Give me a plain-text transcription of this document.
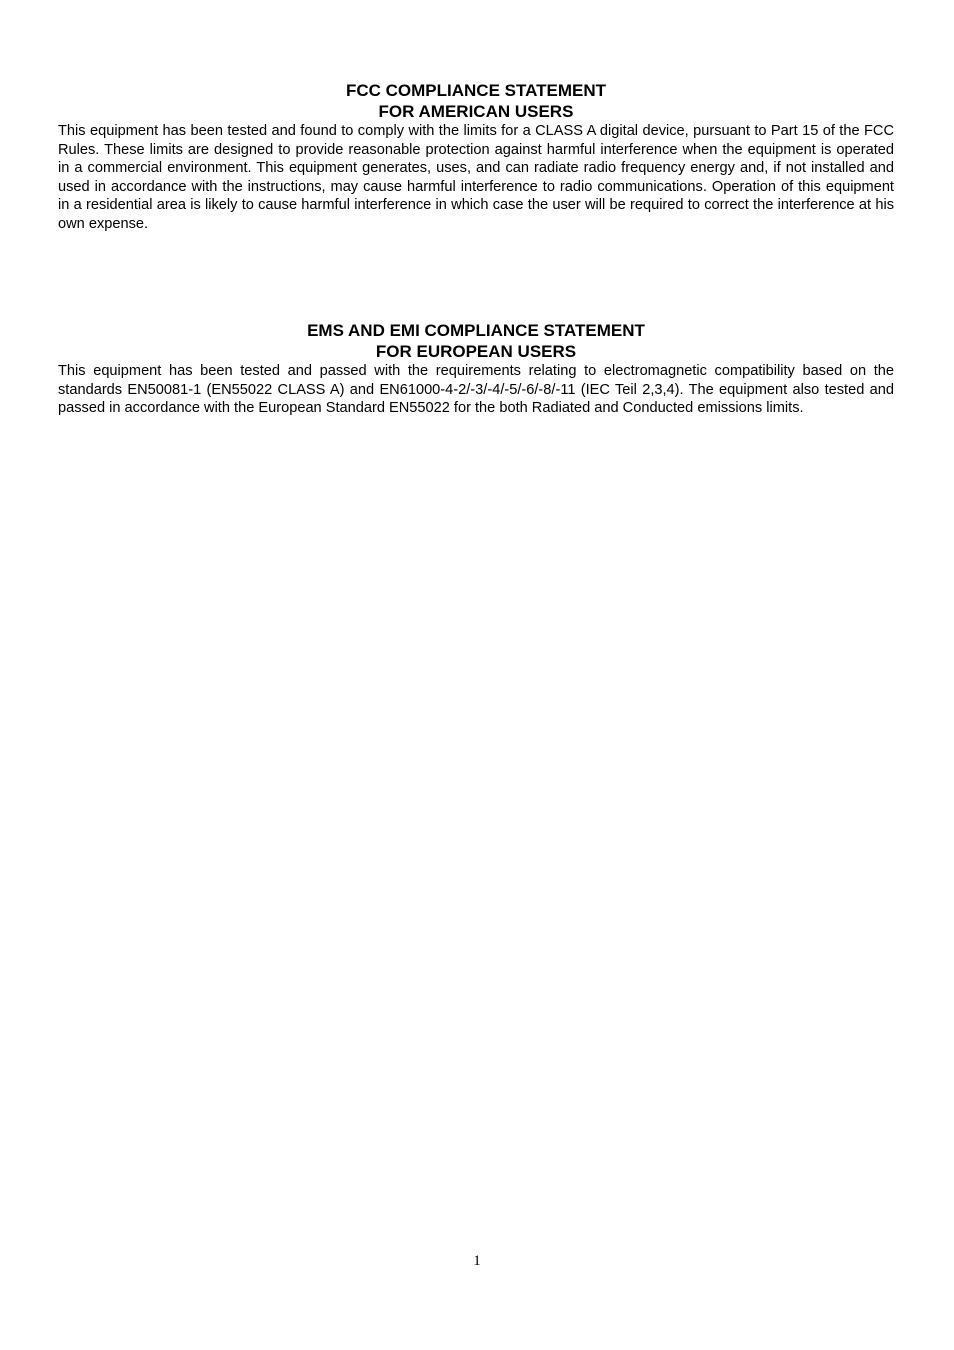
FCC COMPLIANCE STATEMENT
FOR AMERICAN USERS

This equipment has been tested and found to comply with the limits for a CLASS A digital device, pursuant to Part 15 of the FCC Rules. These limits are designed to provide reasonable protection against harmful interference when the equipment is operated in a commercial environment. This equipment generates, uses, and can radiate radio frequency energy and, if not installed and used in accordance with the instructions, may cause harmful interference to radio communications. Operation of this equipment in a residential area is likely to cause harmful interference in which case the user will be required to correct the interference at his own expense.

EMS AND EMI COMPLIANCE STATEMENT
FOR EUROPEAN USERS

This equipment has been tested and passed with the requirements relating to electromagnetic compatibility based on the standards EN50081-1 (EN55022 CLASS A) and EN61000-4-2/-3/-4/-5/-6/-8/-11 (IEC Teil 2,3,4). The equipment also tested and passed in accordance with the European Standard EN55022 for the both Radiated and Conducted emissions limits.

1
